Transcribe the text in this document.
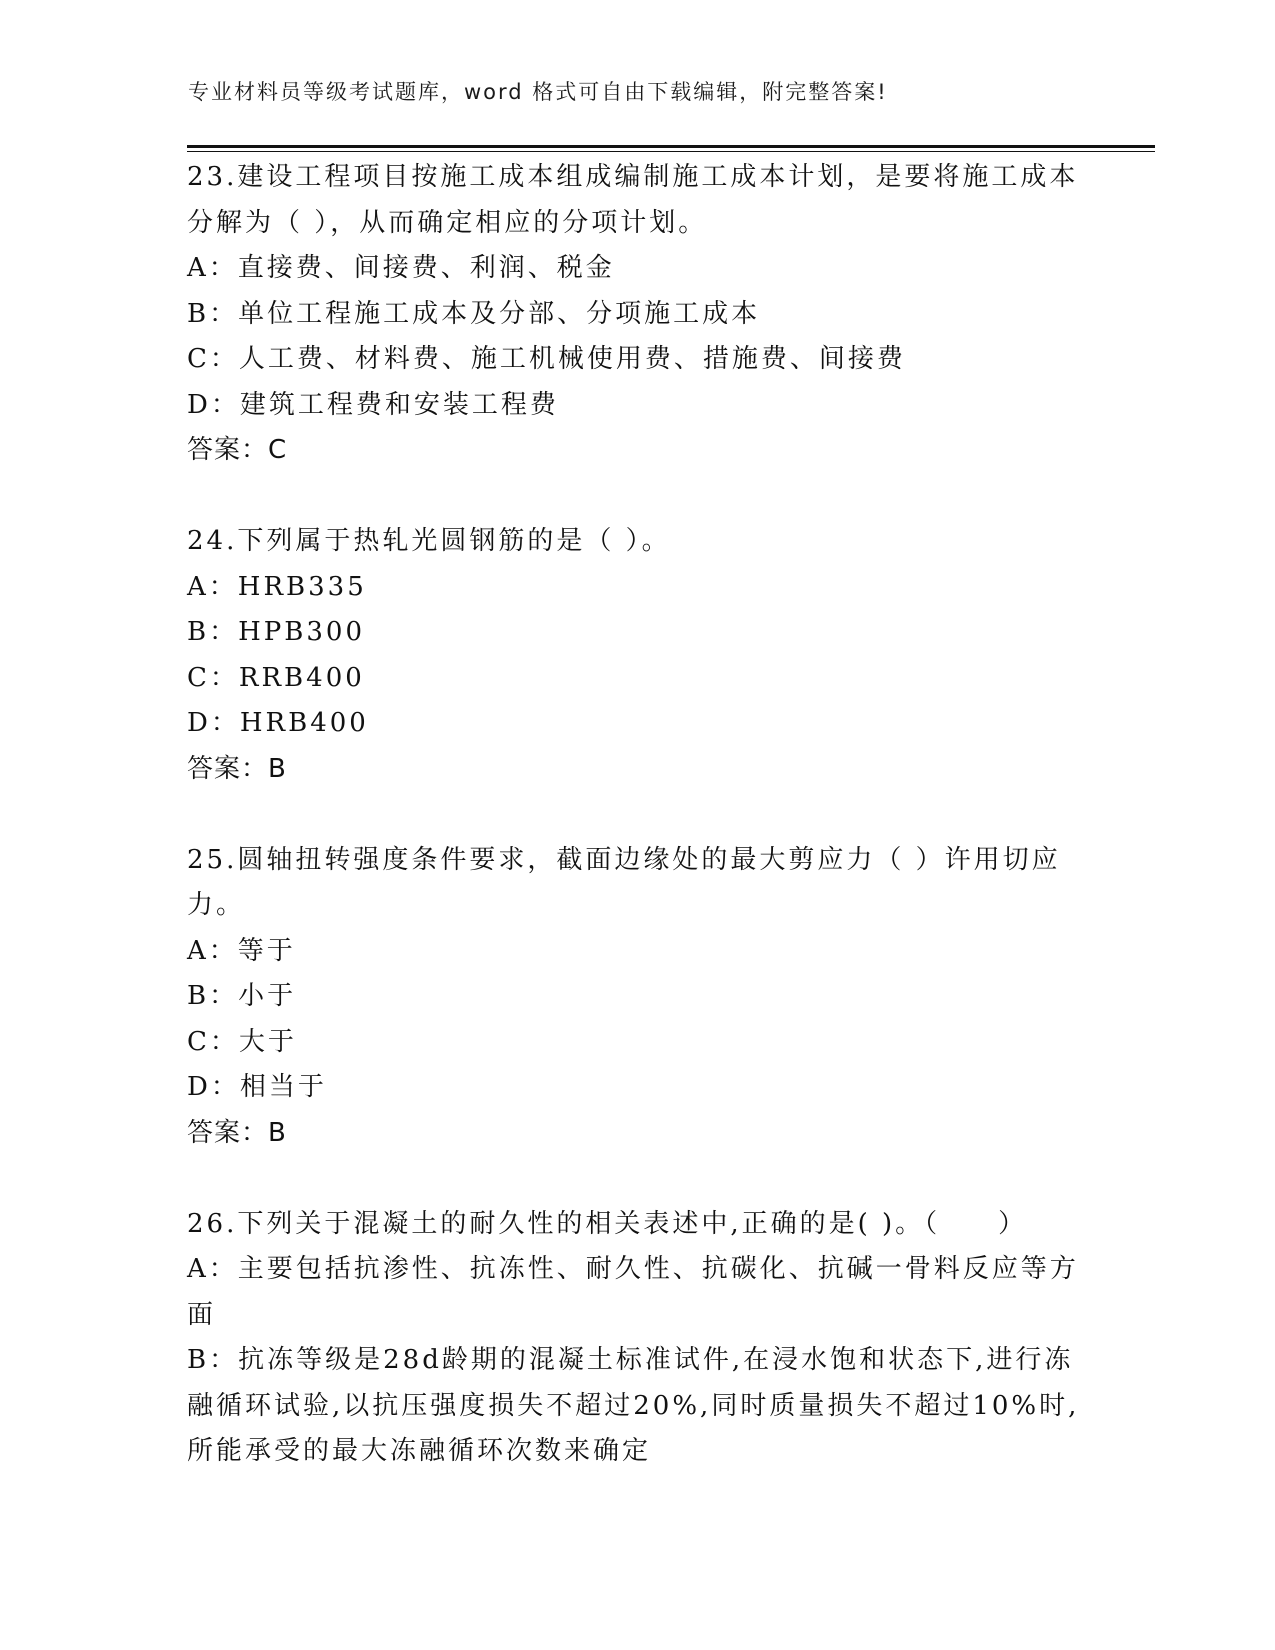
专业材料员等级考试题库，word 格式可自由下载编辑，附完整答案!
23.建设工程项目按施工成本组成编制施工成本计划，是要将施工成本
分解为（ ），从而确定相应的分项计划。
A：直接费、间接费、利润、税金
B：单位工程施工成本及分部、分项施工成本
C：人工费、材料费、施工机械使用费、措施费、间接费
D：建筑工程费和安装工程费
答案：C
24.下列属于热轧光圆钢筋的是（ ）。
A：HRB335
B：HPB300
C：RRB400
D：HRB400
答案：B
25.圆轴扭转强度条件要求，截面边缘处的最大剪应力（ ）许用切应
力。
A：等于
B：小于
C：大于
D：相当于
答案：B
26.下列关于混凝土的耐久性的相关表述中,正确的是( )。（　　）
A：主要包括抗渗性、抗冻性、耐久性、抗碳化、抗碱一骨料反应等方
面
B：抗冻等级是28d龄期的混凝土标准试件,在浸水饱和状态下,进行冻
融循环试验,以抗压强度损失不超过20%,同时质量损失不超过10%时,
所能承受的最大冻融循环次数来确定
